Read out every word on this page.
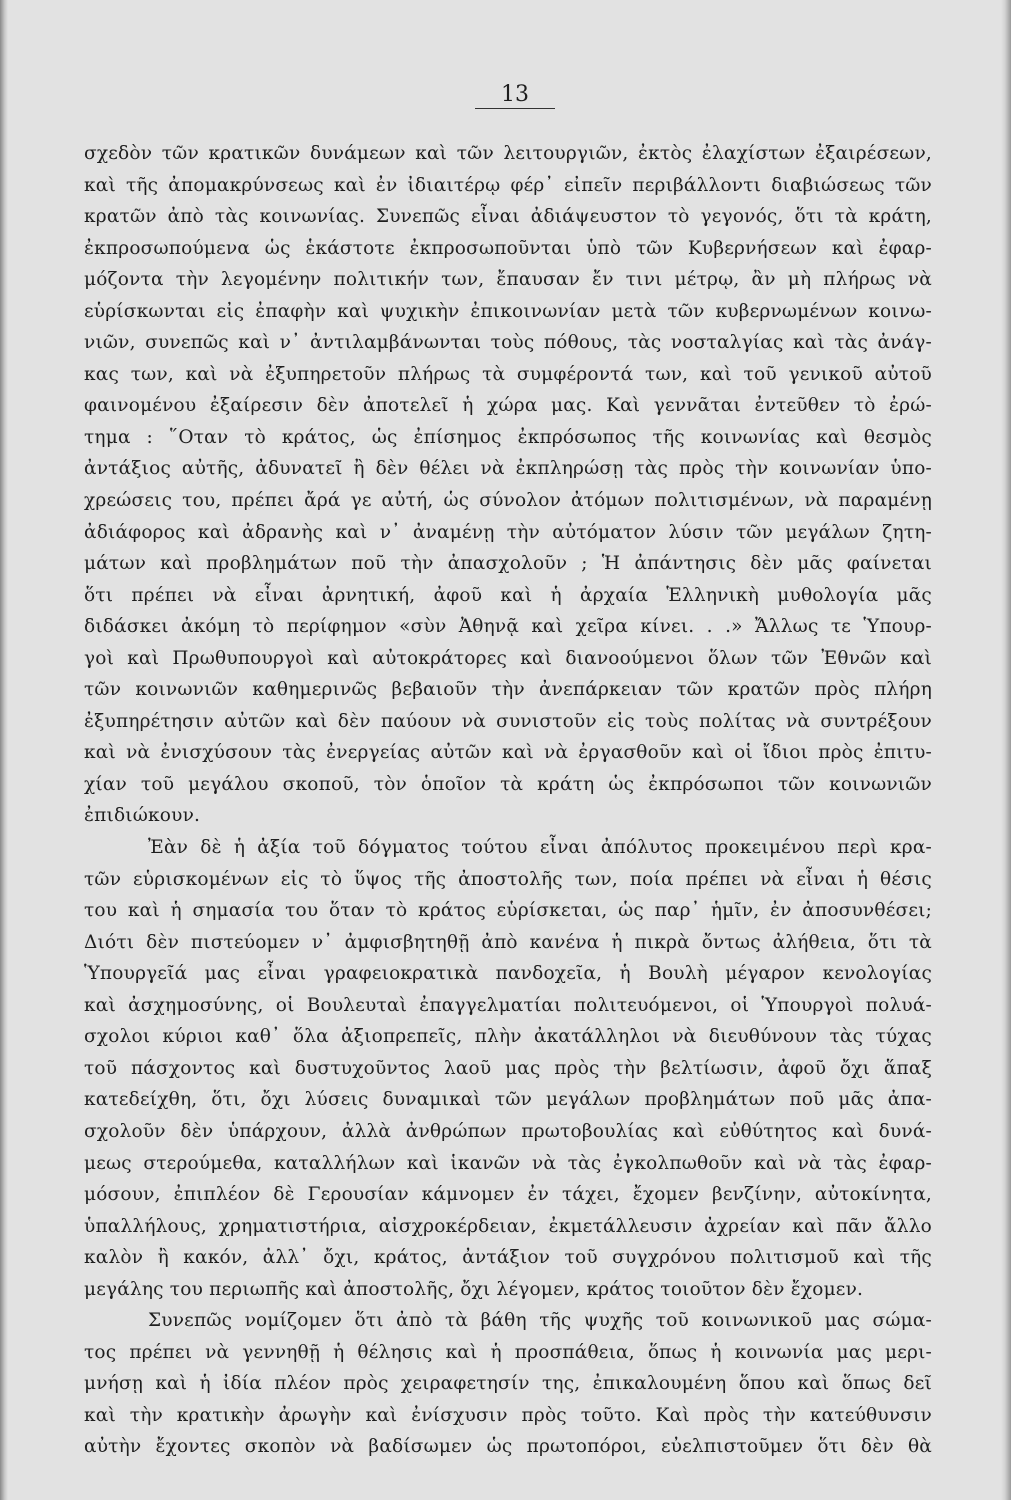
13
σχεδὸν τῶν κρατικῶν δυνάμεων καὶ τῶν λειτουργιῶν, ἐκτὸς ἐλαχίστων ἐξαιρέσεων,
καὶ τῆς ἀπομακρύνσεως καὶ ἐν ἰδιαιτέρῳ φέρ᾽ εἰπεῖν περιβάλλοντι διαβιώσεως τῶν
κρατῶν ἀπὸ τὰς κοινωνίας. Συνεπῶς εἶναι ἀδιάψευστον τὸ γεγονός, ὅτι τὰ κράτη,
ἐκπροσωπούμενα ὡς ἑκάστοτε ἐκπροσωποῦνται ὑπὸ τῶν Κυβερνήσεων καὶ ἐφαρ-
μόζοντα τὴν λεγομένην πολιτικήν των, ἔπαυσαν ἔν τινι μέτρῳ, ἂν μὴ πλήρως νὰ
εὑρίσκωνται εἰς ἐπαφὴν καὶ ψυχικὴν ἐπικοινωνίαν μετὰ τῶν κυβερνωμένων κοινω-
νιῶν, συνεπῶς καὶ ν᾽ ἀντιλαμβάνωνται τοὺς πόθους, τὰς νοσταλγίας καὶ τὰς ἀνάγ-
κας των, καὶ νὰ ἐξυπηρετοῦν πλήρως τὰ συμφέροντά των, καὶ τοῦ γενικοῦ αὐτοῦ
φαινομένου ἐξαίρεσιν δὲν ἀποτελεῖ ἡ χώρα μας. Καὶ γεννᾶται ἐντεῦθεν τὸ ἐρώ-
τημα : ῞Οταν τὸ κράτος, ὡς ἐπίσημος ἐκπρόσωπος τῆς κοινωνίας καὶ θεσμὸς
ἀντάξιος αὐτῆς, ἀδυνατεῖ ἢ δὲν θέλει νὰ ἐκπληρώσῃ τὰς πρὸς τὴν κοινωνίαν ὑπο-
χρεώσεις του, πρέπει ἄρά γε αὐτή, ὡς σύνολον ἀτόμων πολιτισμένων, νὰ παραμένῃ
ἀδιάφορος καὶ ἀδρανὴς καὶ ν᾽ ἀναμένῃ τὴν αὐτόματον λύσιν τῶν μεγάλων ζητη-
μάτων καὶ προβλημάτων ποῦ τὴν ἀπασχολοῦν ; Ἡ ἀπάντησις δὲν μᾶς φαίνεται
ὅτι πρέπει νὰ εἶναι ἀρνητική, ἀφοῦ καὶ ἡ ἀρχαία Ἑλληνικὴ μυθολογία μᾶς
διδάσκει ἀκόμη τὸ περίφημον «σὺν Ἀθηνᾷ καὶ χεῖρα κίνει. . .» Ἄλλως τε Ὑπουρ-
γοὶ καὶ Πρωθυπουργοὶ καὶ αὐτοκράτορες καὶ διανοούμενοι ὅλων τῶν Ἐθνῶν καὶ
τῶν κοινωνιῶν καθημερινῶς βεβαιοῦν τὴν ἀνεπάρκειαν τῶν κρατῶν πρὸς πλήρη
ἐξυπηρέτησιν αὐτῶν καὶ δὲν παύουν νὰ συνιστοῦν εἰς τοὺς πολίτας νὰ συντρέξουν
καὶ νὰ ἐνισχύσουν τὰς ἐνεργείας αὐτῶν καὶ νὰ ἐργασθοῦν καὶ οἱ ἴδιοι πρὸς ἐπιτυ-
χίαν τοῦ μεγάλου σκοποῦ, τὸν ὁποῖον τὰ κράτη ὡς ἐκπρόσωποι τῶν κοινωνιῶν
ἐπιδιώκουν.
Ἐὰν δὲ ἡ ἀξία τοῦ δόγματος τούτου εἶναι ἀπόλυτος προκειμένου περὶ κρα-
τῶν εὑρισκομένων εἰς τὸ ὕψος τῆς ἀποστολῆς των, ποία πρέπει νὰ εἶναι ἡ θέσις
του καὶ ἡ σημασία του ὅταν τὸ κράτος εὑρίσκεται, ὡς παρ᾽ ἡμῖν, ἐν ἀποσυνθέσει;
Διότι δὲν πιστεύομεν ν᾽ ἀμφισβητηθῇ ἀπὸ κανένα ἡ πικρὰ ὄντως ἀλήθεια, ὅτι τὰ
Ὑπουργεῖά μας εἶναι γραφειοκρατικὰ πανδοχεῖα, ἡ Βουλὴ μέγαρον κενολογίας
καὶ ἀσχημοσύνης, οἱ Βουλευταὶ ἐπαγγελματίαι πολιτευόμενοι, οἱ Ὑπουργοὶ πολυά-
σχολοι κύριοι καθ᾽ ὅλα ἀξιοπρεπεῖς, πλὴν ἀκατάλληλοι νὰ διευθύνουν τὰς τύχας
τοῦ πάσχοντος καὶ δυστυχοῦντος λαοῦ μας πρὸς τὴν βελτίωσιν, ἀφοῦ ὄχι ἅπαξ
κατεδείχθη, ὅτι, ὄχι λύσεις δυναμικαὶ τῶν μεγάλων προβλημάτων ποῦ μᾶς ἀπα-
σχολοῦν δὲν ὑπάρχουν, ἀλλὰ ἀνθρώπων πρωτοβουλίας καὶ εὐθύτητος καὶ δυνά-
μεως στερούμεθα, καταλλήλων καὶ ἱκανῶν νὰ τὰς ἐγκολπωθοῦν καὶ νὰ τὰς ἐφαρ-
μόσουν, ἐπιπλέον δὲ Γερουσίαν κάμνομεν ἐν τάχει, ἔχομεν βενζίνην, αὐτοκίνητα,
ὑπαλλήλους, χρηματιστήρια, αἰσχροκέρδειαν, ἐκμετάλλευσιν ἀχρείαν καὶ πᾶν ἄλλο
καλὸν ἢ κακόν, ἀλλ᾽ ὄχι, κράτος, ἀντάξιον τοῦ συγχρόνου πολιτισμοῦ καὶ τῆς
μεγάλης του περιωπῆς καὶ ἀποστολῆς, ὄχι λέγομεν, κράτος τοιοῦτον δὲν ἔχομεν.
Συνεπῶς νομίζομεν ὅτι ἀπὸ τὰ βάθη τῆς ψυχῆς τοῦ κοινωνικοῦ μας σώμα-
τος πρέπει νὰ γεννηθῇ ἡ θέλησις καὶ ἡ προσπάθεια, ὅπως ἡ κοινωνία μας μερι-
μνήσῃ καὶ ἡ ἰδία πλέον πρὸς χειραφετησίν της, ἐπικαλουμένη ὅπου καὶ ὅπως δεῖ
καὶ τὴν κρατικὴν ἀρωγὴν καὶ ἐνίσχυσιν πρὸς τοῦτο. Καὶ πρὸς τὴν κατεύθυνσιν
αὐτὴν ἔχοντες σκοπὸν νὰ βαδίσωμεν ὡς πρωτοπόροι, εὐελπιστοῦμεν ὅτι δὲν θὰ
